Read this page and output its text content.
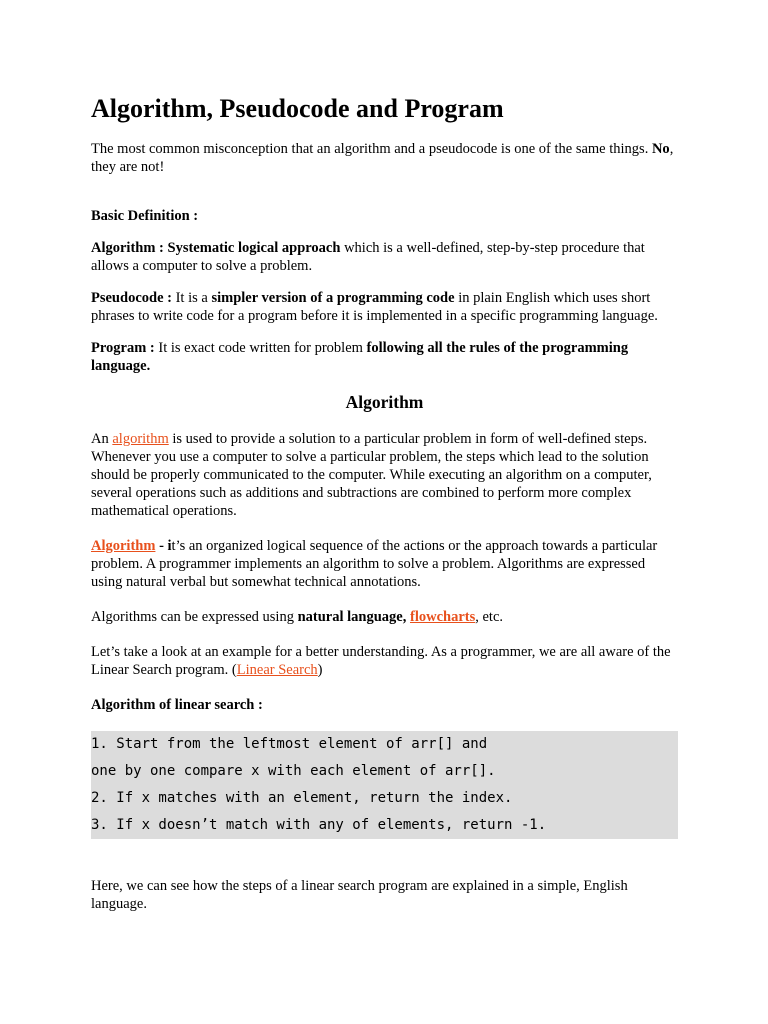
Algorithm, Pseudocode and Program

The most common misconception that an algorithm and a pseudocode is one of the same things. No, they are not!

Basic Definition :

Algorithm : Systematic logical approach which is a well-defined, step-by-step procedure that allows a computer to solve a problem.

Pseudocode : It is a simpler version of a programming code in plain English which uses short phrases to write code for a program before it is implemented in a specific programming language.

Program : It is exact code written for problem following all the rules of the programming language.

Algorithm

An algorithm is used to provide a solution to a particular problem in form of well-defined steps. Whenever you use a computer to solve a particular problem, the steps which lead to the solution should be properly communicated to the computer. While executing an algorithm on a computer, several operations such as additions and subtractions are combined to perform more complex mathematical operations.

Algorithm - it’s an organized logical sequence of the actions or the approach towards a particular problem. A programmer implements an algorithm to solve a problem. Algorithms are expressed using natural verbal but somewhat technical annotations.

Algorithms can be expressed using natural language, flowcharts, etc.

Let’s take a look at an example for a better understanding. As a programmer, we are all aware of the Linear Search program. (Linear Search)

Algorithm of linear search :

1. Start from the leftmost element of arr[] and
one by one compare x with each element of arr[].
2. If x matches with an element, return the index.
3. If x doesn’t match with any of elements, return -1.

Here, we can see how the steps of a linear search program are explained in a simple, English language.
